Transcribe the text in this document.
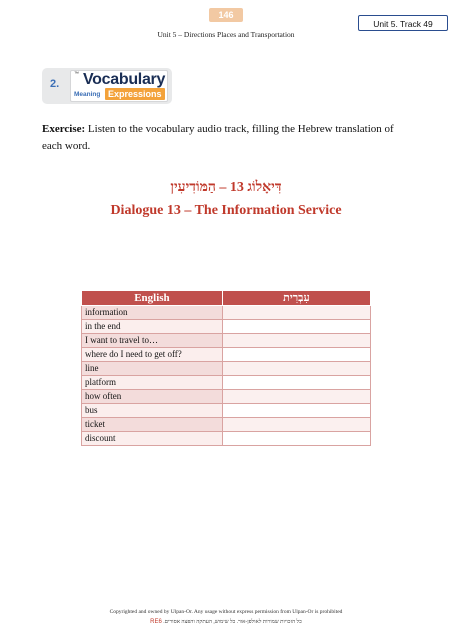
146
Unit 5. Track 49
Unit 5 – Directions Places and Transportation
2.
™ Vocabulary
Meaning Expressions
Exercise: Listen to the vocabulary audio track, filling the Hebrew translation of each word.
דִּיאָלוֹג 13 – הַמּוֹדִיעִין
Dialogue 13 – The Information Service
English	עִבְרִית
information	
in the end	
I want to travel to…	
where do I need to get off?	
line	
platform	
how often	
bus	
ticket	
discount	
Copyrighted and owned by Ulpan-Or. Any usage without express permission from Ulpan-Or is prohibited
RE6 כל הזכויות שמורות לאולפן-אור. כל שימוש, העתקה והפצה אסורים.
